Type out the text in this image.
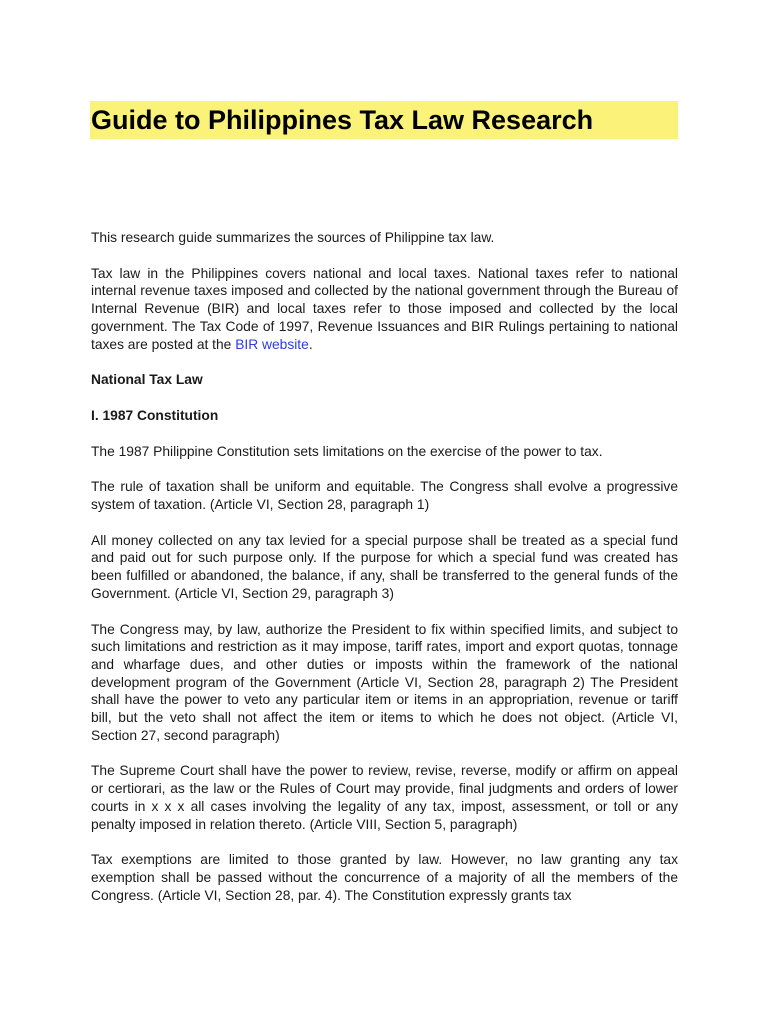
Guide to Philippines Tax Law Research

This research guide summarizes the sources of Philippine tax law.

Tax law in the Philippines covers national and local taxes. National taxes refer to national internal revenue taxes imposed and collected by the national government through the Bureau of Internal Revenue (BIR) and local taxes refer to those imposed and collected by the local government. The Tax Code of 1997, Revenue Issuances and BIR Rulings pertaining to national taxes are posted at the BIR website.

National Tax Law
I. 1987 Constitution

The 1987 Philippine Constitution sets limitations on the exercise of the power to tax.

The rule of taxation shall be uniform and equitable. The Congress shall evolve a progressive system of taxation. (Article VI, Section 28, paragraph 1)

All money collected on any tax levied for a special purpose shall be treated as a special fund and paid out for such purpose only. If the purpose for which a special fund was created has been fulfilled or abandoned, the balance, if any, shall be transferred to the general funds of the Government. (Article VI, Section 29, paragraph 3)

The Congress may, by law, authorize the President to fix within specified limits, and subject to such limitations and restriction as it may impose, tariff rates, import and export quotas, tonnage and wharfage dues, and other duties or imposts within the framework of the national development program of the Government (Article VI, Section 28, paragraph 2) The President shall have the power to veto any particular item or items in an appropriation, revenue or tariff bill, but the veto shall not affect the item or items to which he does not object. (Article VI, Section 27, second paragraph)

The Supreme Court shall have the power to review, revise, reverse, modify or affirm on appeal or certiorari, as the law or the Rules of Court may provide, final judgments and orders of lower courts in x x x all cases involving the legality of any tax, impost, assessment, or toll or any penalty imposed in relation thereto. (Article VIII, Section 5, paragraph)

Tax exemptions are limited to those granted by law. However, no law granting any tax exemption shall be passed without the concurrence of a majority of all the members of the Congress. (Article VI, Section 28, par. 4). The Constitution expressly grants tax
